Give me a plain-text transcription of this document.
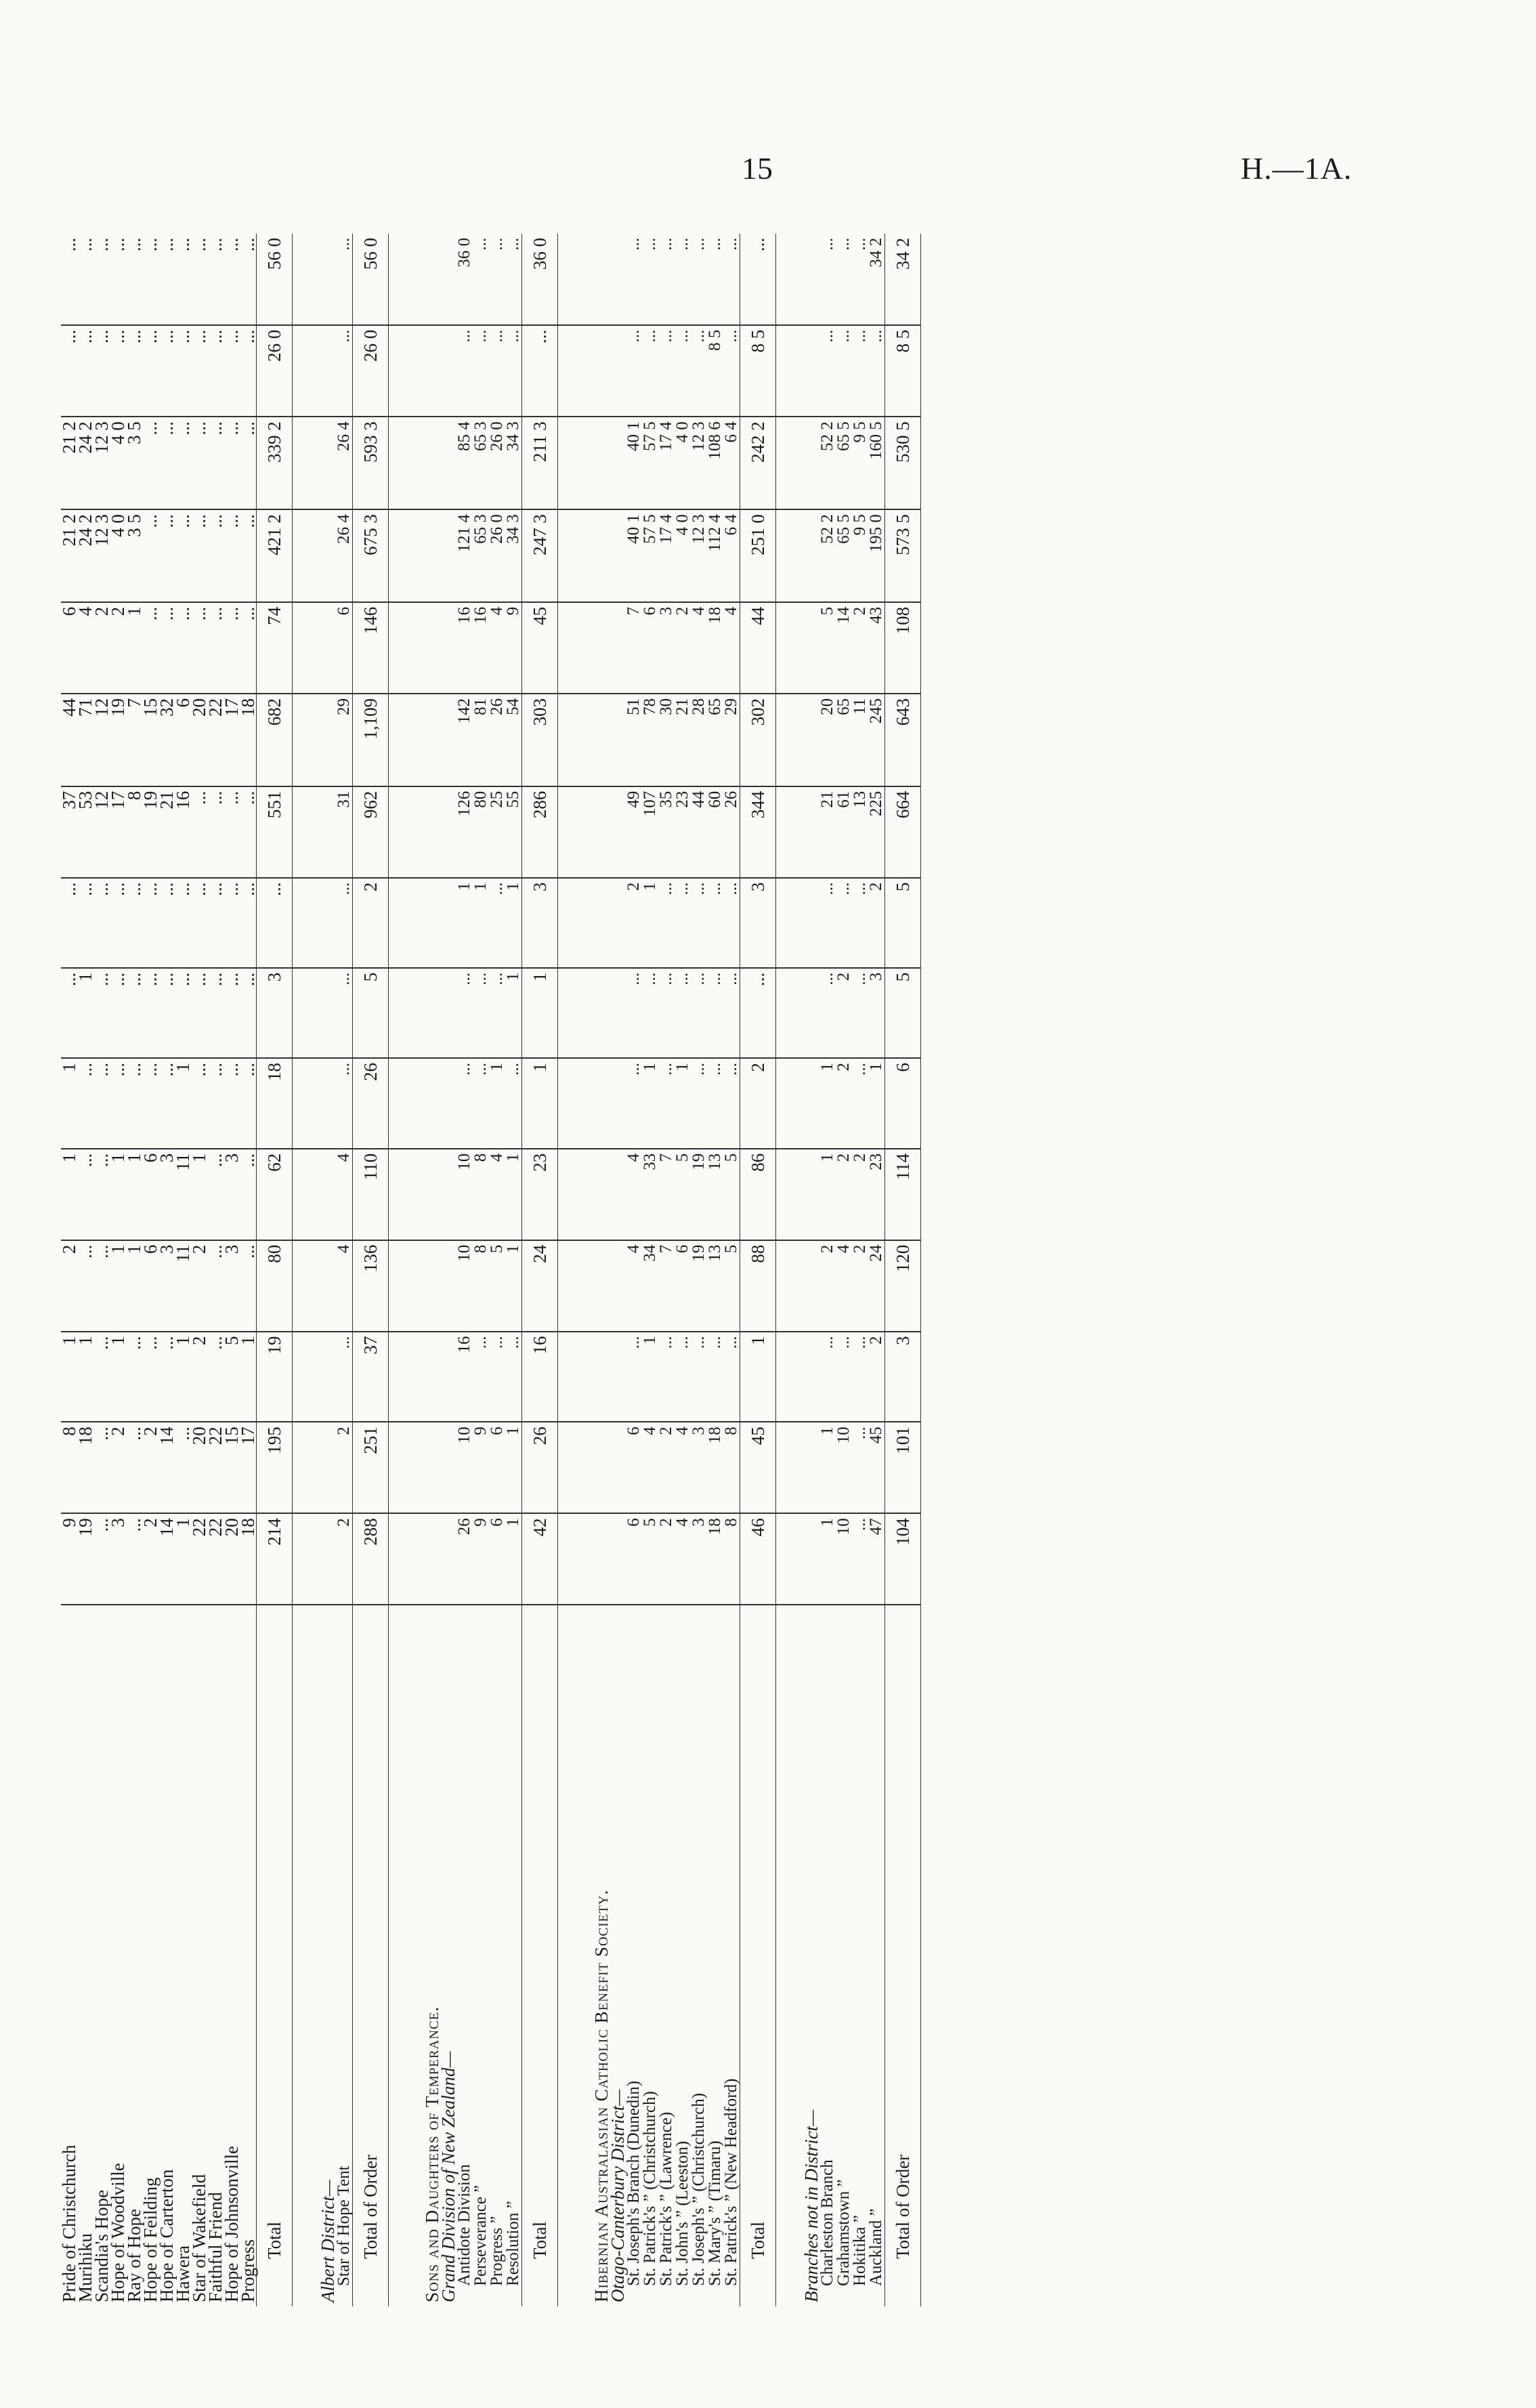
15	H.—1A.
Pride of Christchurch	9	8	1	2	1	1	...	...	37	44	6	21 2	21 2	...	...
Murihiku	19	18	1	...	...	...	1	...	53	71	4	24 2	24 2	...	...
Scandia's Hope	...	...	...	...	...	...	...	...	12	12	2	12 3	12 3	...	...
Hope of Woodville	3	2	1	1	1	...	...	...	17	19	2	4 0	4 0	...	...
Ray of Hope	...	...	...	1	1	...	...	...	8	7	1	3 5	3 5	...	...
Hope of Feilding	2	2	...	6	6	...	...	...	19	15	...	...	...	...	...
Hope of Carterton	14	14	...	3	3	...	...	...	21	32	...	...	...	...	...
Hawera	1	...	1	11	11	1	...	...	16	6	...	...	...	...	...
Star of Wakefield	22	20	2	2	1	...	...	...	...	20	...	...	...	...	...
Faithful Friend	22	22	...	...	...	...	...	...	...	22	...	...	...	...	...
Hope of Johnsonville	20	15	5	3	3	...	...	...	...	17	...	...	...	...	...
Progress	18	17	1	...	...	...	...	...	...	18	...	...	...	...	...
Total	214	195	19	80	62	18	3	...	551	682	74	421 2	339 2	26 0	56 0

Albert District—															
Star of Hope Tent	2	2	...	4	4	...	...	...	31	29	6	26 4	26 4	...	...
Total of Order	288	251	37	136	110	26	5	2	962	1,109	146	675 3	593 3	26 0	56 0

Sons and Daughters of Temperance.															
Grand Division of New Zealand—															
Antidote Division	26	10	16	10	10	...	...	1	126	142	16	121 4	85 4	...	36 0
Perseverance ”	9	9	...	8	8	...	...	1	80	81	16	65 3	65 3	...	...
Progress ”	6	6	...	5	4	1	...	...	25	26	4	26 0	26 0	...	...
Resolution ”	1	1	...	1	1	...	1	1	55	54	9	34 3	34 3	...	...
Total	42	26	16	24	23	1	1	3	286	303	45	247 3	211 3	...	36 0

Hibernian Australasian Catholic Benefit Society.															
Otago-Canterbury District—															
St. Joseph's Branch (Dunedin)	6	6	...	4	4	...	...	2	49	51	7	40 1	40 1	...	...
St. Patrick's ” (Christchurch)	5	4	1	34	33	1	...	1	107	78	6	57 5	57 5	...	...
St. Patrick's ” (Lawrence)	2	2	...	7	7	...	...	...	35	30	3	17 4	17 4	...	...
St. John's ” (Leeston)	4	4	...	6	5	1	...	...	23	21	2	4 0	4 0	...	...
St. Joseph's ” (Christchurch)	3	3	...	19	19	...	...	...	44	28	4	12 3	12 3	...	...
St. Mary's ” (Timaru)	18	18	...	13	13	...	...	...	60	65	18	112 4	108 6	8 5	...
St. Patrick's ” (New Headford)	8	8	...	5	5	...	...	...	26	29	4	6 4	6 4	...	...
Total	46	45	1	88	86	2	...	3	344	302	44	251 0	242 2	8 5	...

Branches not in District—															
Charleston Branch	1	1	...	2	1	1	...	...	21	20	5	52 2	52 2	...	...
Grahamstown ”	10	10	...	4	2	2	2	...	61	65	14	65 5	65 5	...	...
Hokitika ”	...	...	...	2	2	...	...	...	13	11	2	9 5	9 5	...	...
Auckland ”	47	45	2	24	23	1	3	2	225	245	43	195 0	160 5	...	34 2
Total of Order	104	101	3	120	114	6	5	5	664	643	108	573 5	530 5	8 5	34 2
